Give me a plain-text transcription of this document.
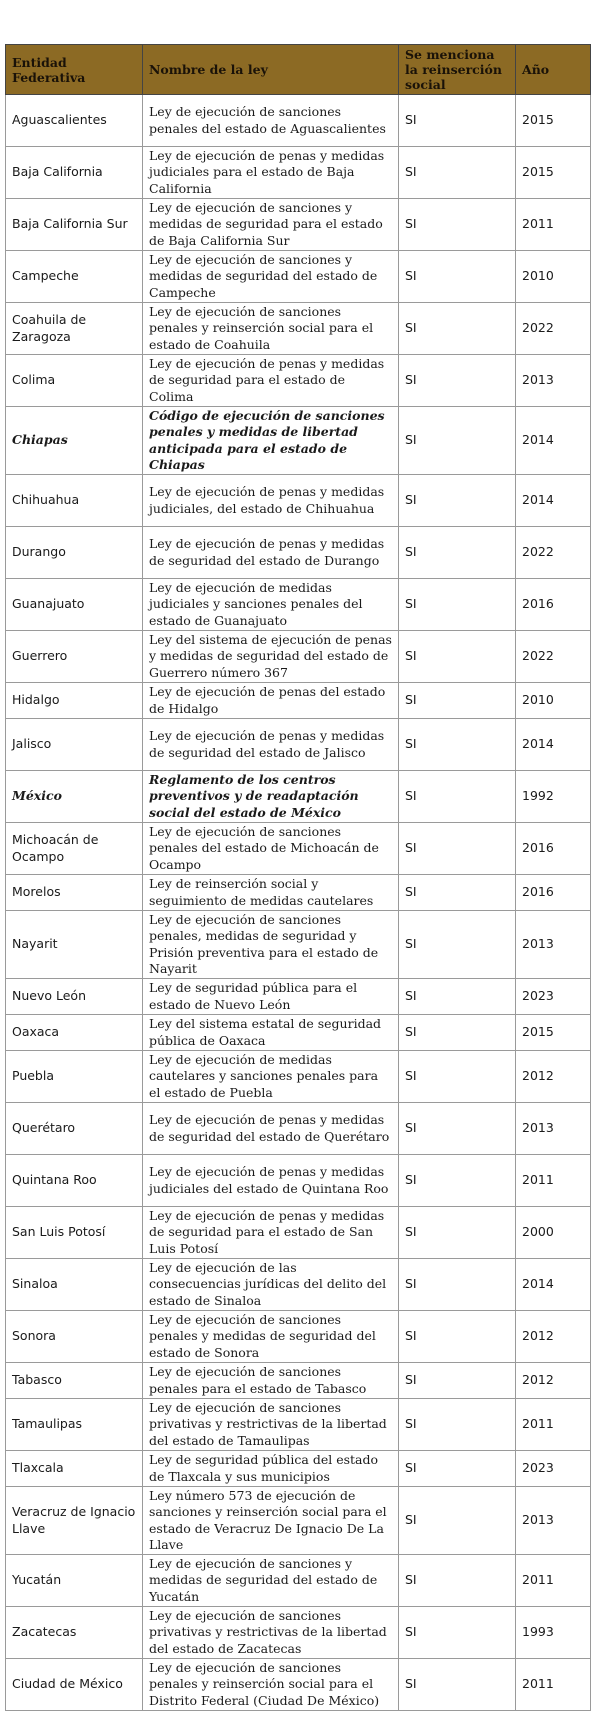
Entidad Federativa	Nombre de la ley	Se menciona la reinserción social	Año
Aguascalientes	Ley de ejecución de sanciones penales del estado de Aguascalientes	SI	2015
Baja California	Ley de ejecución de penas y medidas judiciales para el estado de Baja California	SI	2015
Baja California Sur	Ley de ejecución de sanciones y medidas de seguridad para el estado de Baja California Sur	SI	2011
Campeche	Ley de ejecución de sanciones y medidas de seguridad del estado de Campeche	SI	2010
Coahuila de Zaragoza	Ley de ejecución de sanciones penales y reinserción social para el estado de Coahuila	SI	2022
Colima	Ley de ejecución de penas y medidas de seguridad para el estado de Colima	SI	2013
Chiapas	Código de ejecución de sanciones penales y medidas de libertad anticipada para el estado de Chiapas	SI	2014
Chihuahua	Ley de ejecución de penas y medidas judiciales, del estado de Chihuahua	SI	2014
Durango	Ley de ejecución de penas y medidas de seguridad del estado de Durango	SI	2022
Guanajuato	Ley de ejecución de medidas judiciales y sanciones penales del estado de Guanajuato	SI	2016
Guerrero	Ley del sistema de ejecución de penas y medidas de seguridad del estado de Guerrero número 367	SI	2022
Hidalgo	Ley de ejecución de penas del estado de Hidalgo	SI	2010
Jalisco	Ley de ejecución de penas y medidas de seguridad del estado de Jalisco	SI	2014
México	Reglamento de los centros preventivos y de readaptación social del estado de México	SI	1992
Michoacán de Ocampo	Ley de ejecución de sanciones penales del estado de Michoacán de Ocampo	SI	2016
Morelos	Ley de reinserción social y seguimiento de medidas cautelares	SI	2016
Nayarit	Ley de ejecución de sanciones penales, medidas de seguridad y Prisión preventiva para el estado de Nayarit	SI	2013
Nuevo León	Ley de seguridad pública para el estado de Nuevo León	SI	2023
Oaxaca	Ley del sistema estatal de seguridad pública de Oaxaca	SI	2015
Puebla	Ley de ejecución de medidas cautelares y sanciones penales para el estado de Puebla	SI	2012
Querétaro	Ley de ejecución de penas y medidas de seguridad del estado de Querétaro	SI	2013
Quintana Roo	Ley de ejecución de penas y medidas judiciales del estado de Quintana Roo	SI	2011
San Luis Potosí	Ley de ejecución de penas y medidas de seguridad para el estado de San Luis Potosí	SI	2000
Sinaloa	Ley de ejecución de las consecuencias jurídicas del delito del estado de Sinaloa	SI	2014
Sonora	Ley de ejecución de sanciones penales y medidas de seguridad del estado de Sonora	SI	2012
Tabasco	Ley de ejecución de sanciones penales para el estado de Tabasco	SI	2012
Tamaulipas	Ley de ejecución de sanciones privativas y restrictivas de la libertad del estado de Tamaulipas	SI	2011
Tlaxcala	Ley de seguridad pública del estado de Tlaxcala y sus municipios	SI	2023
Veracruz de Ignacio Llave	Ley número 573 de ejecución de sanciones y reinserción social para el estado de Veracruz De Ignacio De La Llave	SI	2013
Yucatán	Ley de ejecución de sanciones y medidas de seguridad del estado de Yucatán	SI	2011
Zacatecas	Ley de ejecución de sanciones privativas y restrictivas de la libertad del estado de Zacatecas	SI	1993
Ciudad de México	Ley de ejecución de sanciones penales y reinserción social para el Distrito Federal (Ciudad De México)	SI	2011
